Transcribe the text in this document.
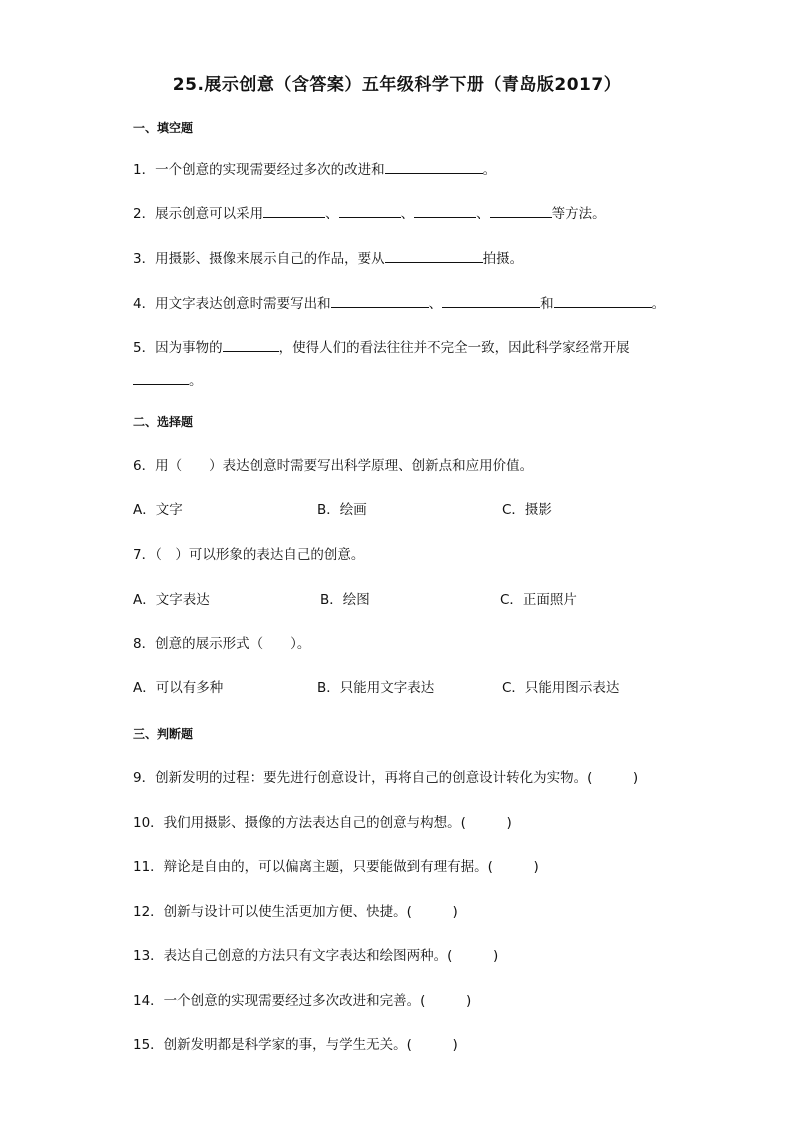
25.展示创意（含答案）五年级科学下册（青岛版2017）
一、填空题
1．一个创意的实现需要经过多次的改进和	。
2．展示创意可以采用	、	、	、	等方法。
3．用摄影、摄像来展示自己的作品，要从	拍摄。
4．用文字表达创意时需要写出和	、	和	。
5．因为事物的	，使得人们的看法往往并不完全一致，因此科学家经常开展
。
二、选择题
6．用（　　）表达创意时需要写出科学原理、创新点和应用价值。
A．文字	B．绘画	C．摄影
7．（　）可以形象的表达自己的创意。
A．文字表达	B．绘图	C．正面照片
8．创意的展示形式（　　）。
A．可以有多种	B．只能用文字表达	C．只能用图示表达
三、判断题
9．创新发明的过程：要先进行创意设计，再将自己的创意设计转化为实物。(　　　)
10．我们用摄影、摄像的方法表达自己的创意与构想。(　　　)
11．辩论是自由的，可以偏离主题，只要能做到有理有据。(　　　)
12．创新与设计可以使生活更加方便、快捷。(　　　)
13．表达自己创意的方法只有文字表达和绘图两种。(　　　)
14．一个创意的实现需要经过多次改进和完善。(　　　)
15．创新发明都是科学家的事，与学生无关。(　　　)
